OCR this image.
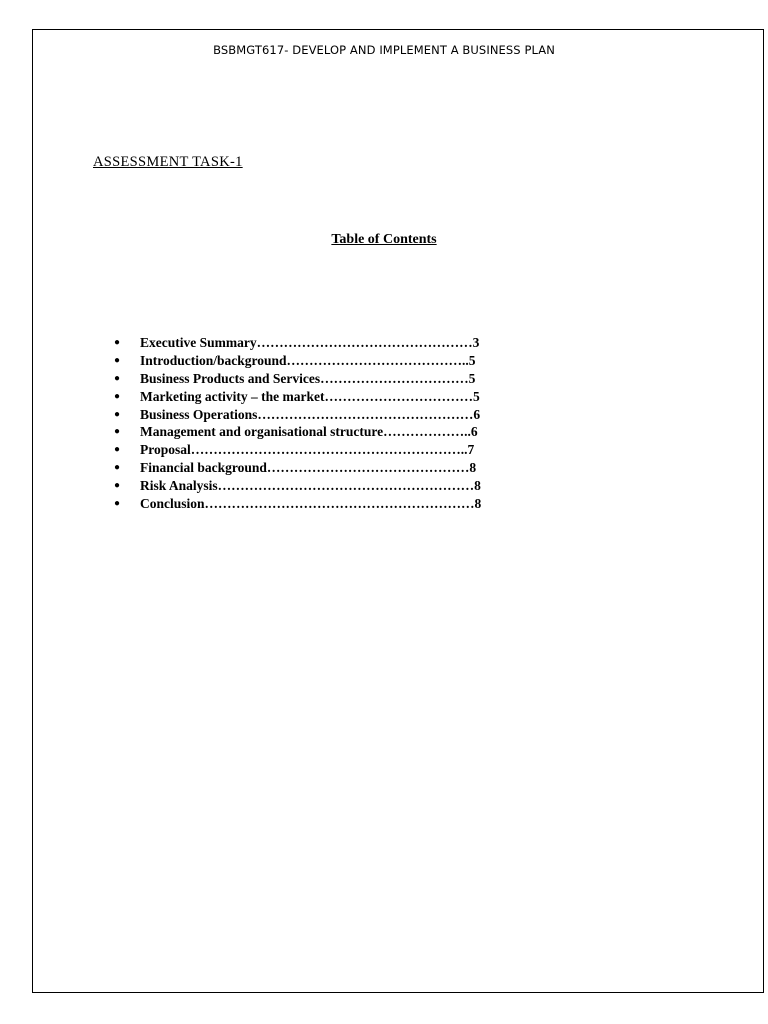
BSBMGT617- DEVELOP AND IMPLEMENT A BUSINESS PLAN
ASSESSMENT TASK-1
Table of Contents
●	Executive Summary…………………………………………3
●	Introduction/background…………………………………..5
●	Business Products and Services……………………………5
●	Marketing activity – the market……………………………5
●	Business Operations…………………………………………6
●	Management and organisational structure………………..6
●	Proposal……………………………………………………..7
●	Financial background………………………………………8
●	Risk Analysis…………………………………………………8
●	Conclusion……………………………………………………8
